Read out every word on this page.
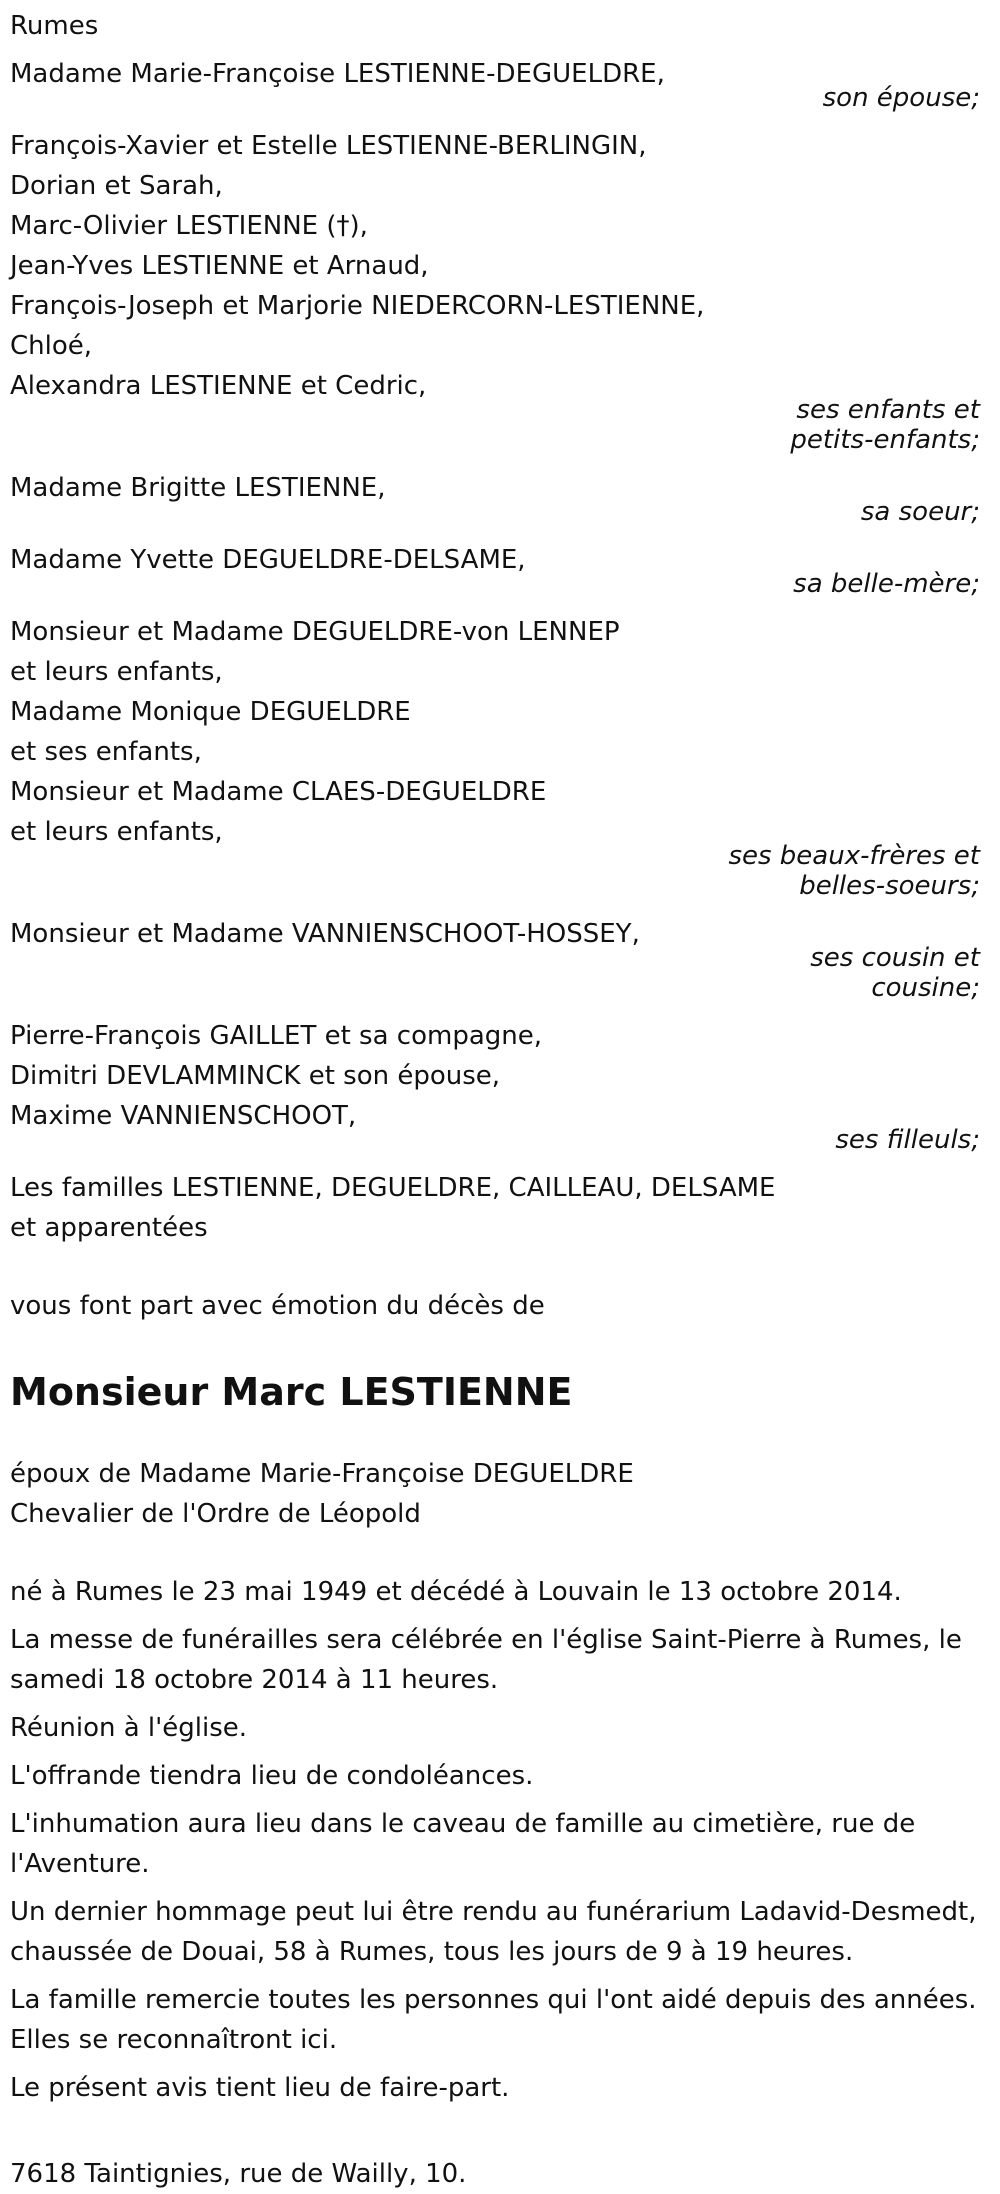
Rumes
Madame Marie-Françoise LESTIENNE-DEGUELDRE,
son épouse;
François-Xavier et Estelle LESTIENNE-BERLINGIN,
Dorian et Sarah,
Marc-Olivier LESTIENNE (†),
Jean-Yves LESTIENNE et Arnaud,
François-Joseph et Marjorie NIEDERCORN-LESTIENNE,
Chloé,
Alexandra LESTIENNE et Cedric,
ses enfants et
petits-enfants;
Madame Brigitte LESTIENNE,
sa soeur;
Madame Yvette DEGUELDRE-DELSAME,
sa belle-mère;
Monsieur et Madame DEGUELDRE-von LENNEP
et leurs enfants,
Madame Monique DEGUELDRE
et ses enfants,
Monsieur et Madame CLAES-DEGUELDRE
et leurs enfants,
ses beaux-frères et
belles-soeurs;
Monsieur et Madame VANNIENSCHOOT-HOSSEY,
ses cousin et
cousine;
Pierre-François GAILLET et sa compagne,
Dimitri DEVLAMMINCK et son épouse,
Maxime VANNIENSCHOOT,
ses filleuls;
Les familles LESTIENNE, DEGUELDRE, CAILLEAU, DELSAME
et apparentées
vous font part avec émotion du décès de
Monsieur Marc LESTIENNE
époux de Madame Marie-Françoise DEGUELDRE
Chevalier de l'Ordre de Léopold
né à Rumes le 23 mai 1949 et décédé à Louvain le 13 octobre 2014.
La messe de funérailles sera célébrée en l'église Saint-Pierre à Rumes, le samedi 18 octobre 2014 à 11 heures.
Réunion à l'église.
L'offrande tiendra lieu de condoléances.
L'inhumation aura lieu dans le caveau de famille au cimetière, rue de l'Aventure.
Un dernier hommage peut lui être rendu au funérarium Ladavid-Desmedt, chaussée de Douai, 58 à Rumes, tous les jours de 9 à 19 heures.
La famille remercie toutes les personnes qui l'ont aidé depuis des années. Elles se reconnaîtront ici.
Le présent avis tient lieu de faire-part.
7618 Taintignies, rue de Wailly, 10.
